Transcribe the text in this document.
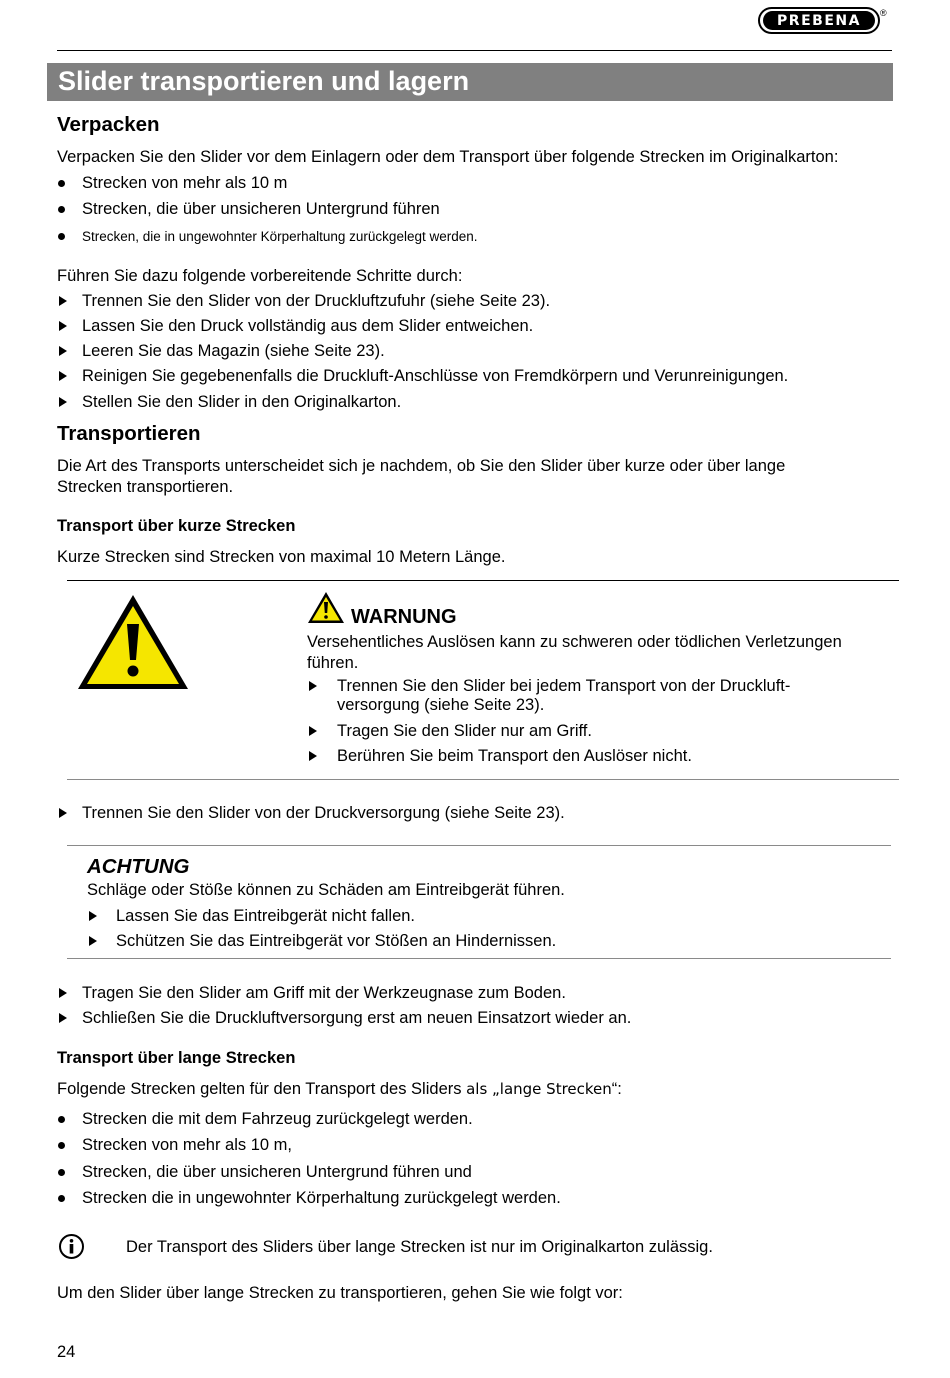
PREBENA	®
Slider transportieren und lagern
Verpacken
Verpacken Sie den Slider vor dem Einlagern oder dem Transport über folgende Strecken im Originalkarton:
Strecken von mehr als 10 m
Strecken, die über unsicheren Untergrund führen
Strecken, die in ungewohnter Körperhaltung zurückgelegt werden.
Führen Sie dazu folgende vorbereitende Schritte durch:
Trennen Sie den Slider von der Druckluftzufuhr (siehe Seite 23).
Lassen Sie den Druck vollständig aus dem Slider entweichen.
Leeren Sie das Magazin (siehe Seite 23).
Reinigen Sie gegebenenfalls die Druckluft-Anschlüsse von Fremdkörpern und Verunreinigungen.
Stellen Sie den Slider in den Originalkarton.
Transportieren
Die Art des Transports unterscheidet sich je nachdem, ob Sie den Slider über kurze oder über lange Strecken transportieren.
Transport über kurze Strecken
Kurze Strecken sind Strecken von maximal 10 Metern Länge.
WARNUNG
Versehentliches Auslösen kann zu schweren oder tödlichen Verletzungen führen.
Trennen Sie den Slider bei jedem Transport von der Druckluft-
versorgung (siehe Seite 23).
Tragen Sie den Slider nur am Griff.
Berühren Sie beim Transport den Auslöser nicht.
Trennen Sie den Slider von der Druckversorgung (siehe Seite 23).
ACHTUNG
Schläge oder Stöße können zu Schäden am Eintreibgerät führen.
Lassen Sie das Eintreibgerät nicht fallen.
Schützen Sie das Eintreibgerät vor Stößen an Hindernissen.
Tragen Sie den Slider am Griff mit der Werkzeugnase zum Boden.
Schließen Sie die Druckluftversorgung erst am neuen Einsatzort wieder an.
Transport über lange Strecken
Folgende Strecken gelten für den Transport des Sliders als „lange Strecken“:
Strecken die mit dem Fahrzeug zurückgelegt werden.
Strecken von mehr als 10 m,
Strecken, die über unsicheren Untergrund führen und
Strecken die in ungewohnter Körperhaltung zurückgelegt werden.
Der Transport des Sliders über lange Strecken ist nur im Originalkarton zulässig.
Um den Slider über lange Strecken zu transportieren, gehen Sie wie folgt vor:
24
